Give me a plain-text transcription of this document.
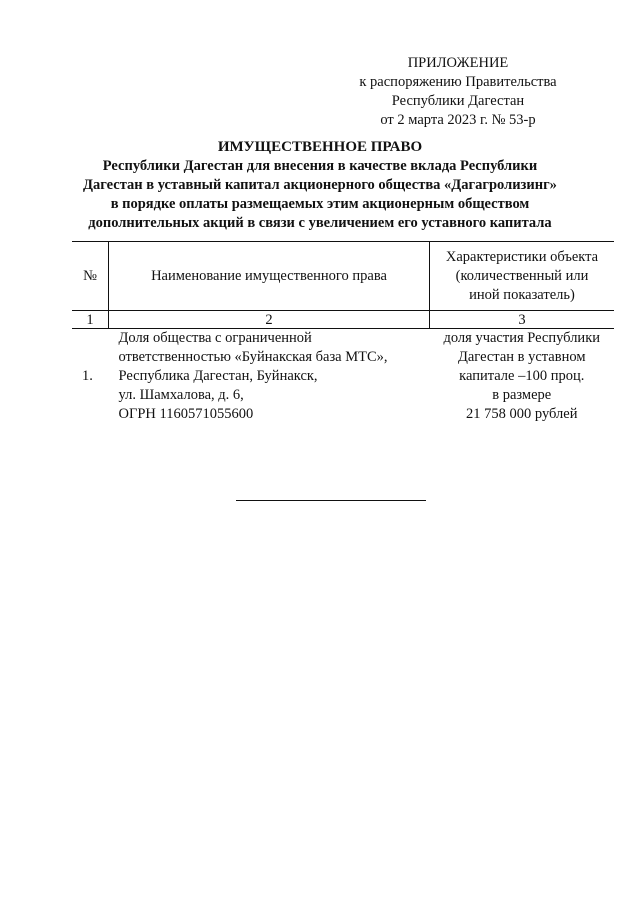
ПРИЛОЖЕНИЕ
к распоряжению Правительства
Республики Дагестан
от 2 марта 2023 г. № 53-р
ИМУЩЕСТВЕННОЕ ПРАВО
Республики Дагестан для внесения в качестве вклада Республики
Дагестан в уставный капитал акционерного общества «Дагагролизинг»
в порядке оплаты размещаемых этим акционерным обществом
дополнительных акций в связи с увеличением его уставного капитала
№	Наименование имущественного права	Характеристики объекта
(количественный или
иной показатель)

1	2	3
1.	Доля общества с ограниченной
ответственностью «Буйнакская база МТС»,
Республика Дагестан, Буйнакск,
ул. Шамхалова, д. 6,
ОГРН 1160571055600	доля участия Республики
Дагестан в уставном
капитале –100 проц.
в размере
21 758 000 рублей
